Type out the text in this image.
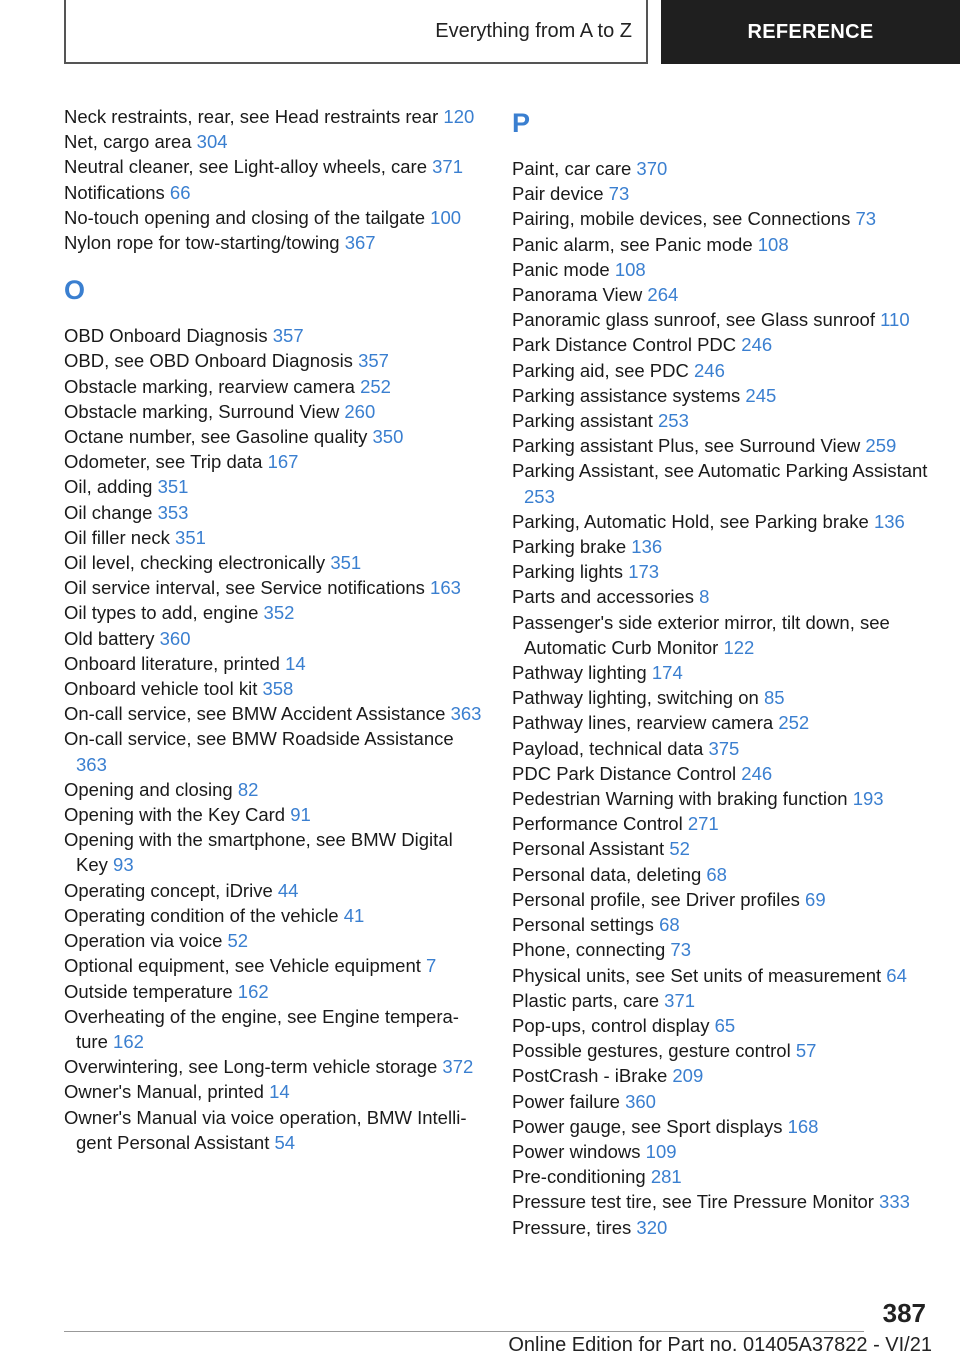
Everything from A to Z	REFERENCE
Neck restraints, rear, see Head restraints rear 120
Net, cargo area 304
Neutral cleaner, see Light-alloy wheels, care 371
Notifications 66
No-touch opening and closing of the tailgate 100
Nylon rope for tow-starting/towing 367
O
OBD Onboard Diagnosis 357
OBD, see OBD Onboard Diagnosis 357
Obstacle marking, rearview camera 252
Obstacle marking, Surround View 260
Octane number, see Gasoline quality 350
Odometer, see Trip data 167
Oil, adding 351
Oil change 353
Oil filler neck 351
Oil level, checking electronically 351
Oil service interval, see Service notifications 163
Oil types to add, engine 352
Old battery 360
Onboard literature, printed 14
Onboard vehicle tool kit 358
On-call service, see BMW Accident Assistance 363
On-call service, see BMW Roadside Assistance 363
Opening and closing 82
Opening with the Key Card 91
Opening with the smartphone, see BMW Digital Key 93
Operating concept, iDrive 44
Operating condition of the vehicle 41
Operation via voice 52
Optional equipment, see Vehicle equipment 7
Outside temperature 162
Overheating of the engine, see Engine temperature 162
Overwintering, see Long-term vehicle storage 372
Owner's Manual, printed 14
Owner's Manual via voice operation, BMW Intelligent Personal Assistant 54
P
Paint, car care 370
Pair device 73
Pairing, mobile devices, see Connections 73
Panic alarm, see Panic mode 108
Panic mode 108
Panorama View 264
Panoramic glass sunroof, see Glass sunroof 110
Park Distance Control PDC 246
Parking aid, see PDC 246
Parking assistance systems 245
Parking assistant 253
Parking assistant Plus, see Surround View 259
Parking Assistant, see Automatic Parking Assistant 253
Parking, Automatic Hold, see Parking brake 136
Parking brake 136
Parking lights 173
Parts and accessories 8
Passenger's side exterior mirror, tilt down, see Automatic Curb Monitor 122
Pathway lighting 174
Pathway lighting, switching on 85
Pathway lines, rearview camera 252
Payload, technical data 375
PDC Park Distance Control 246
Pedestrian Warning with braking function 193
Performance Control 271
Personal Assistant 52
Personal data, deleting 68
Personal profile, see Driver profiles 69
Personal settings 68
Phone, connecting 73
Physical units, see Set units of measurement 64
Plastic parts, care 371
Pop-ups, control display 65
Possible gestures, gesture control 57
PostCrash - iBrake 209
Power failure 360
Power gauge, see Sport displays 168
Power windows 109
Pre-conditioning 281
Pressure test tire, see Tire Pressure Monitor 333
Pressure, tires 320
387
Online Edition for Part no. 01405A37822 - VI/21
